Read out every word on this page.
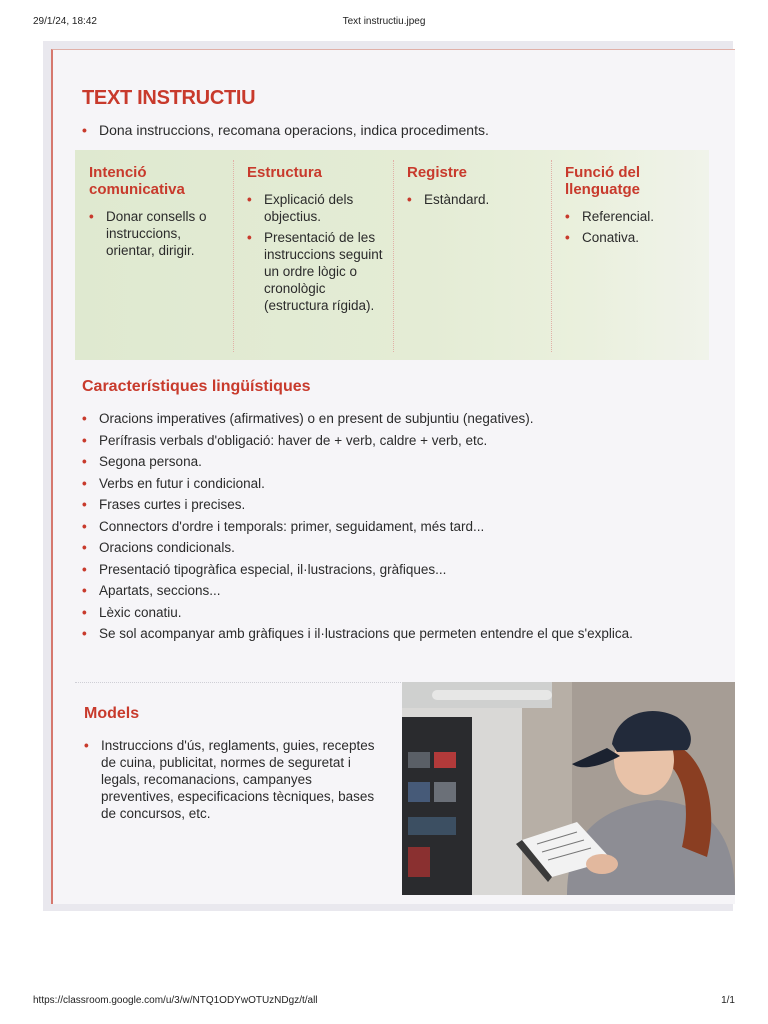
29/1/24, 18:42	Text instructiu.jpeg
TEXT INSTRUCTIU
• Dona instruccions, recomana operacions, indica procediments.
Intenció comunicativa
• Donar consells o instruccions, orientar, dirigir.
Estructura
• Explicació dels objectius.
• Presentació de les instruccions seguint un ordre lògic o cronològic (estructura rígida).
Registre
• Estàndard.
Funció del llenguatge
• Referencial.
• Conativa.
Característiques lingüístiques
• Oracions imperatives (afirmatives) o en present de subjuntiu (negatives).
• Perífrasis verbals d'obligació: haver de + verb, caldre + verb, etc.
• Segona persona.
• Verbs en futur i condicional.
• Frases curtes i precises.
• Connectors d'ordre i temporals: primer, seguidament, més tard...
• Oracions condicionals.
• Presentació tipogràfica especial, il·lustracions, gràfiques...
• Apartats, seccions...
• Lèxic conatiu.
• Se sol acompanyar amb gràfiques i il·lustracions que permeten entendre el que s'explica.
Models
• Instruccions d'ús, reglaments, guies, receptes de cuina, publicitat, normes de seguretat i legals, recomanacions, campanyes preventives, especificacions tècniques, bases de concursos, etc.
https://classroom.google.com/u/3/w/NTQ1ODYwOTUzNDgz/t/all	1/1
